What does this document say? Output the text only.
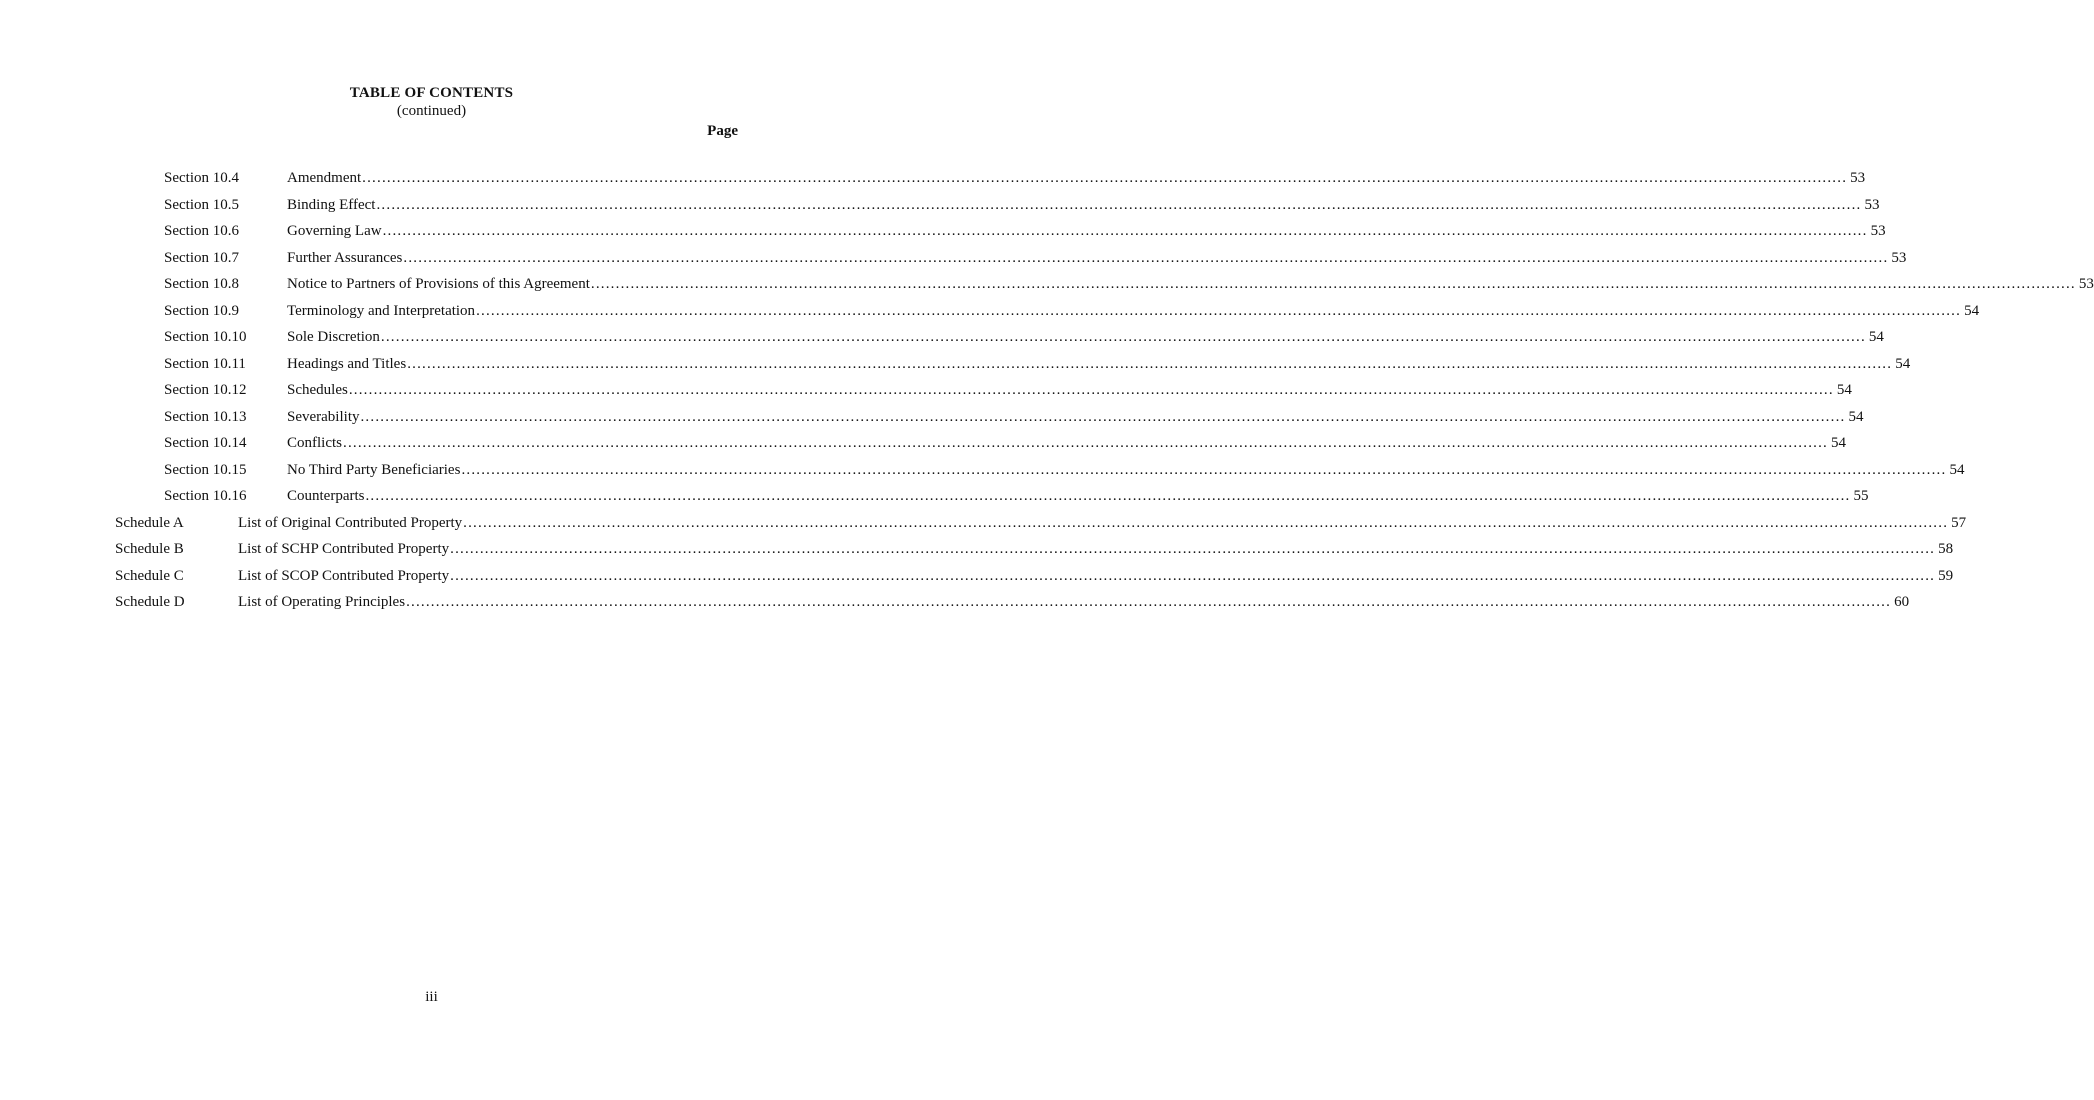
TABLE OF CONTENTS
(continued)
Page
Section 10.4	Amendment ............................................................................................................................................................................................................................................................................................................ 53
Section 10.5	Binding Effect ............................................................................................................................................................................................................................................................................................................ 53
Section 10.6	Governing Law ............................................................................................................................................................................................................................................................................................................ 53
Section 10.7	Further Assurances ............................................................................................................................................................................................................................................................................................................ 53
Section 10.8	Notice to Partners of Provisions of this Agreement ............................................................................................................................................................................................................................................................................................................ 53
Section 10.9	Terminology and Interpretation ............................................................................................................................................................................................................................................................................................................ 54
Section 10.10	Sole Discretion ............................................................................................................................................................................................................................................................................................................ 54
Section 10.11	Headings and Titles ............................................................................................................................................................................................................................................................................................................ 54
Section 10.12	Schedules ............................................................................................................................................................................................................................................................................................................ 54
Section 10.13	Severability ............................................................................................................................................................................................................................................................................................................ 54
Section 10.14	Conflicts ............................................................................................................................................................................................................................................................................................................ 54
Section 10.15	No Third Party Beneficiaries ............................................................................................................................................................................................................................................................................................................ 54
Section 10.16	Counterparts ............................................................................................................................................................................................................................................................................................................ 55
Schedule A	List of Original Contributed Property ............................................................................................................................................................................................................................................................................................................ 57
Schedule B	List of SCHP Contributed Property ............................................................................................................................................................................................................................................................................................................ 58
Schedule C	List of SCOP Contributed Property ............................................................................................................................................................................................................................................................................................................ 59
Schedule D	List of Operating Principles ............................................................................................................................................................................................................................................................................................................ 60
iii
